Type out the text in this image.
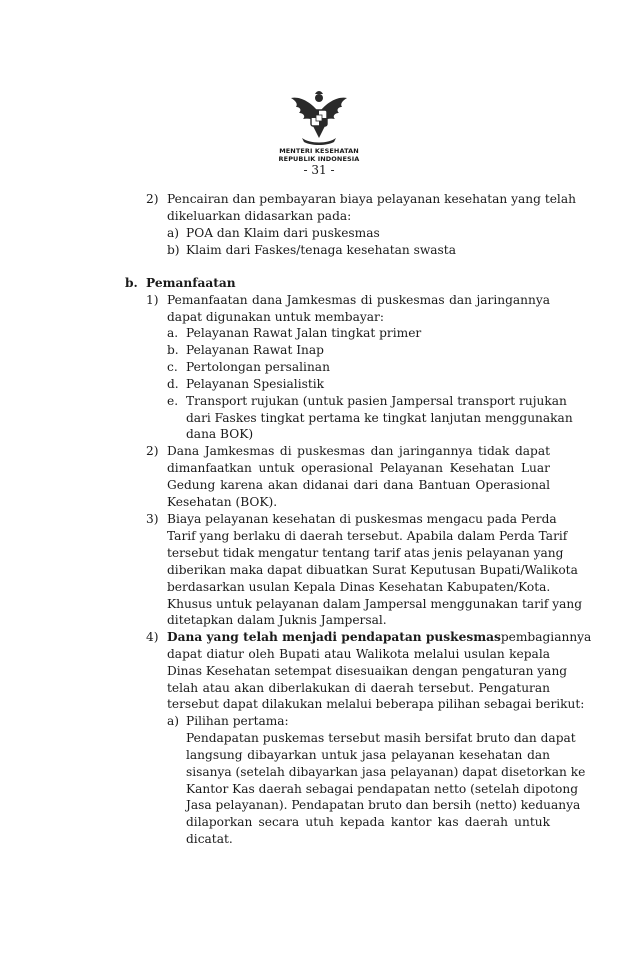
MENTERI KESEHATAN
REPUBLIK INDONESIA
- 31 -
2) Pencairan dan pembayaran biaya pelayanan kesehatan yang telah
dikeluarkan didasarkan pada:
a) POA dan Klaim dari puskesmas
b) Klaim dari Faskes/tenaga kesehatan swasta
b. Pemanfaatan
1) Pemanfaatan dana Jamkesmas di puskesmas dan jaringannya
dapat digunakan untuk membayar:
a. Pelayanan Rawat Jalan tingkat primer
b. Pelayanan Rawat Inap
c. Pertolongan persalinan
d. Pelayanan Spesialistik
e. Transport rujukan (untuk pasien Jampersal transport rujukan
dari Faskes tingkat pertama ke tingkat lanjutan menggunakan
dana BOK)
2) Dana Jamkesmas di puskesmas dan jaringannya tidak dapat
dimanfaatkan untuk operasional Pelayanan Kesehatan Luar
Gedung karena akan didanai dari dana Bantuan Operasional
Kesehatan (BOK).
3) Biaya pelayanan kesehatan di puskesmas mengacu pada Perda
Tarif yang berlaku di daerah tersebut. Apabila dalam Perda Tarif
tersebut tidak mengatur tentang tarif atas jenis pelayanan yang
diberikan maka dapat dibuatkan Surat Keputusan Bupati/Walikota
berdasarkan usulan Kepala Dinas Kesehatan Kabupaten/Kota.
Khusus untuk pelayanan dalam Jampersal menggunakan tarif yang
ditetapkan dalam Juknis Jampersal.
4) Dana yang telah menjadi pendapatan puskesmas pembagiannya
dapat diatur oleh Bupati atau Walikota melalui usulan kepala
Dinas Kesehatan setempat disesuaikan dengan pengaturan yang
telah atau akan diberlakukan di daerah tersebut. Pengaturan
tersebut dapat dilakukan melalui beberapa pilihan sebagai berikut:
a) Pilihan pertama:
Pendapatan puskemas tersebut masih bersifat bruto dan dapat
langsung dibayarkan untuk jasa pelayanan kesehatan dan
sisanya (setelah dibayarkan jasa pelayanan) dapat disetorkan ke
Kantor Kas daerah sebagai pendapatan netto (setelah dipotong
Jasa pelayanan). Pendapatan bruto dan bersih (netto) keduanya
dilaporkan secara utuh kepada kantor kas daerah untuk
dicatat.
